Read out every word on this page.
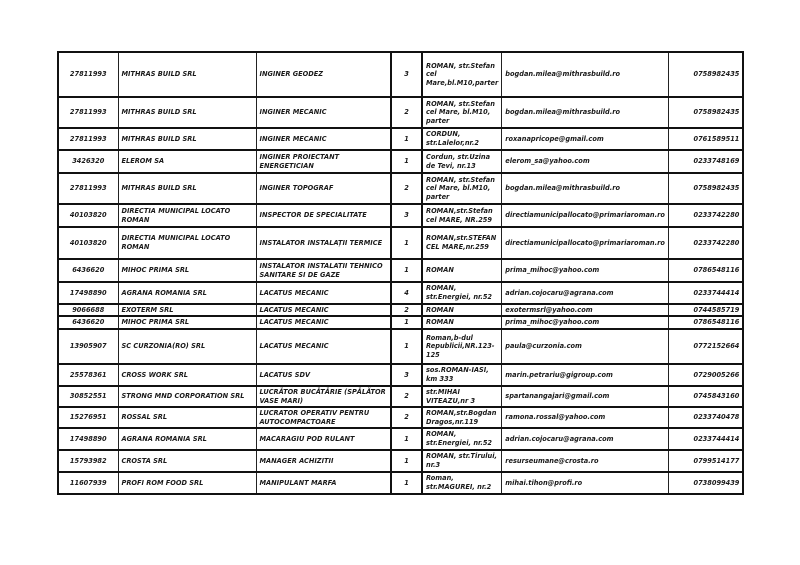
27811993	MITHRAS BUILD SRL	INGINER GEODEZ	3	ROMAN, str.Stefan cel Mare,bl.M10,parter	bogdan.milea@mithrasbuild.ro	0758982435
27811993	MITHRAS BUILD SRL	INGINER MECANIC	2	ROMAN, str.Stefan cel Mare, bl.M10, parter	bogdan.milea@mithrasbuild.ro	0758982435
27811993	MITHRAS BUILD SRL	INGINER MECANIC	1	CORDUN, str.Lalelor,nr.2	roxanapricope@gmail.com	0761589511
3426320	ELEROM SA	INGINER PROIECTANT ENERGETICIAN	1	Cordun, str.Uzina de Tevi, nr.13	elerom_sa@yahoo.com	0233748169
27811993	MITHRAS BUILD SRL	INGINER TOPOGRAF	2	ROMAN, str.Stefan cel Mare, bl.M10, parter	bogdan.milea@mithrasbuild.ro	0758982435
40103820	DIRECTIA MUNICIPAL LOCATO ROMAN	INSPECTOR DE SPECIALITATE	3	ROMAN,str.Stefan cel MARE, NR.259	directiamunicipallocato@primariaroman.ro	0233742280
40103820	DIRECTIA MUNICIPAL LOCATO ROMAN	INSTALATOR INSTALAȚII TERMICE	1	ROMAN,str.STEFAN CEL MARE,nr.259	directiamunicipallocato@primariaroman.ro	0233742280
6436620	MIHOC PRIMA SRL	INSTALATOR INSTALATII TEHNICO SANITARE SI DE GAZE	1	ROMAN	prima_mihoc@yahoo.com	0786548116
17498890	AGRANA ROMANIA SRL	LACATUS MECANIC	4	ROMAN, str.Energiei, nr.52	adrian.cojocaru@agrana.com	0233744414
9066688	EXOTERM SRL	LACATUS MECANIC	2	ROMAN	exotermsrl@yahoo.com	0744585719
6436620	MIHOC PRIMA SRL	LACATUS MECANIC	1	ROMAN	prima_mihoc@yahoo.com	0786548116
13905907	SC CURZONIA(RO) SRL	LACATUS MECANIC	1	Roman,b-dul Republicii,NR.123-125	paula@curzonia.com	0772152664
25578361	CROSS WORK SRL	LACATUS SDV	3	sos.ROMAN-IASI, km 333	marin.petrariu@gigroup.com	0729005266
30852551	STRONG MND CORPORATION SRL	LUCRĂTOR BUCĂTĂRIE (SPĂLĂTOR VASE MARI)	2	str.MIHAI VITEAZU,nr 3	spartanangajari@gmail.com	0745843160
15276951	ROSSAL SRL	LUCRATOR OPERATIV PENTRU AUTOCOMPACTOARE	2	ROMAN,str.Bogdan Dragos,nr.119	ramona.rossal@yahoo.com	0233740478
17498890	AGRANA ROMANIA SRL	MACARAGIU POD RULANT	1	ROMAN, str.Energiei, nr.52	adrian.cojocaru@agrana.com	0233744414
15793982	CROSTA SRL	MANAGER ACHIZITII	1	ROMAN, str.Tirului, nr.3	resurseumane@crosta.ro	0799514177
11607939	PROFI ROM FOOD SRL	MANIPULANT MARFA	1	Roman, str.MAGUREI, nr.2	mihai.tihon@profi.ro	0738099439
